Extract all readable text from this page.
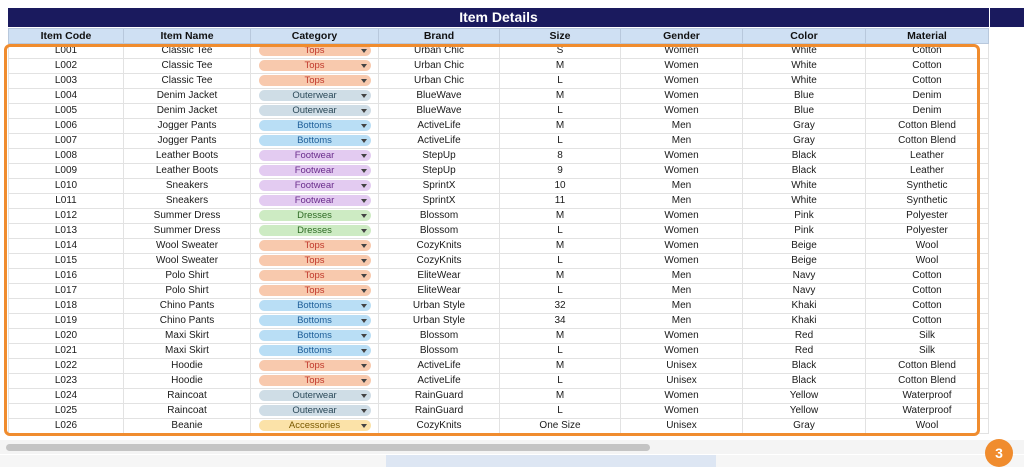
Item Details
Item Code	Item Name	Category	Brand	Size	Gender	Color	Material
L001	Classic Tee	Tops	Urban Chic	S	Women	White	Cotton
L002	Classic Tee	Tops	Urban Chic	M	Women	White	Cotton
L003	Classic Tee	Tops	Urban Chic	L	Women	White	Cotton
L004	Denim Jacket	Outerwear	BlueWave	M	Women	Blue	Denim
L005	Denim Jacket	Outerwear	BlueWave	L	Women	Blue	Denim
L006	Jogger Pants	Bottoms	ActiveLife	M	Men	Gray	Cotton Blend
L007	Jogger Pants	Bottoms	ActiveLife	L	Men	Gray	Cotton Blend
L008	Leather Boots	Footwear	StepUp	8	Women	Black	Leather
L009	Leather Boots	Footwear	StepUp	9	Women	Black	Leather
L010	Sneakers	Footwear	SprintX	10	Men	White	Synthetic
L011	Sneakers	Footwear	SprintX	11	Men	White	Synthetic
L012	Summer Dress	Dresses	Blossom	M	Women	Pink	Polyester
L013	Summer Dress	Dresses	Blossom	L	Women	Pink	Polyester
L014	Wool Sweater	Tops	CozyKnits	M	Women	Beige	Wool
L015	Wool Sweater	Tops	CozyKnits	L	Women	Beige	Wool
L016	Polo Shirt	Tops	EliteWear	M	Men	Navy	Cotton
L017	Polo Shirt	Tops	EliteWear	L	Men	Navy	Cotton
L018	Chino Pants	Bottoms	Urban Style	32	Men	Khaki	Cotton
L019	Chino Pants	Bottoms	Urban Style	34	Men	Khaki	Cotton
L020	Maxi Skirt	Bottoms	Blossom	M	Women	Red	Silk
L021	Maxi Skirt	Bottoms	Blossom	L	Women	Red	Silk
L022	Hoodie	Tops	ActiveLife	M	Unisex	Black	Cotton Blend
L023	Hoodie	Tops	ActiveLife	L	Unisex	Black	Cotton Blend
L024	Raincoat	Outerwear	RainGuard	M	Women	Yellow	Waterproof
L025	Raincoat	Outerwear	RainGuard	L	Women	Yellow	Waterproof
L026	Beanie	Accessories	CozyKnits	One Size	Unisex	Gray	Wool
3
